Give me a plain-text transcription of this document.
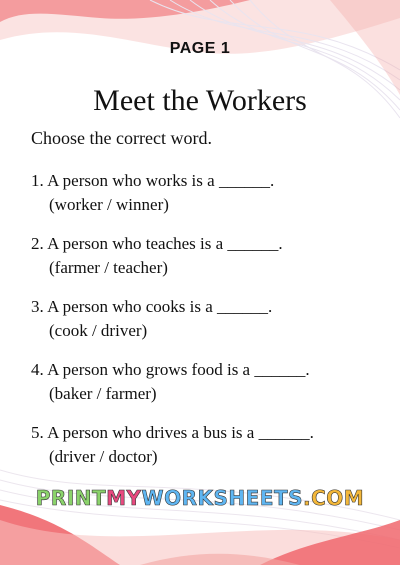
PAGE 1
Meet the Workers
Choose the correct word.
1. A person who works is a ______.
(worker / winner)
2. A person who teaches is a ______.
(farmer / teacher)
3. A person who cooks is a ______.
(cook / driver)
4. A person who grows food is a ______.
(baker / farmer)
5. A person who drives a bus is a ______.
(driver / doctor)
PRINTMYWORKSHEETS.COM
